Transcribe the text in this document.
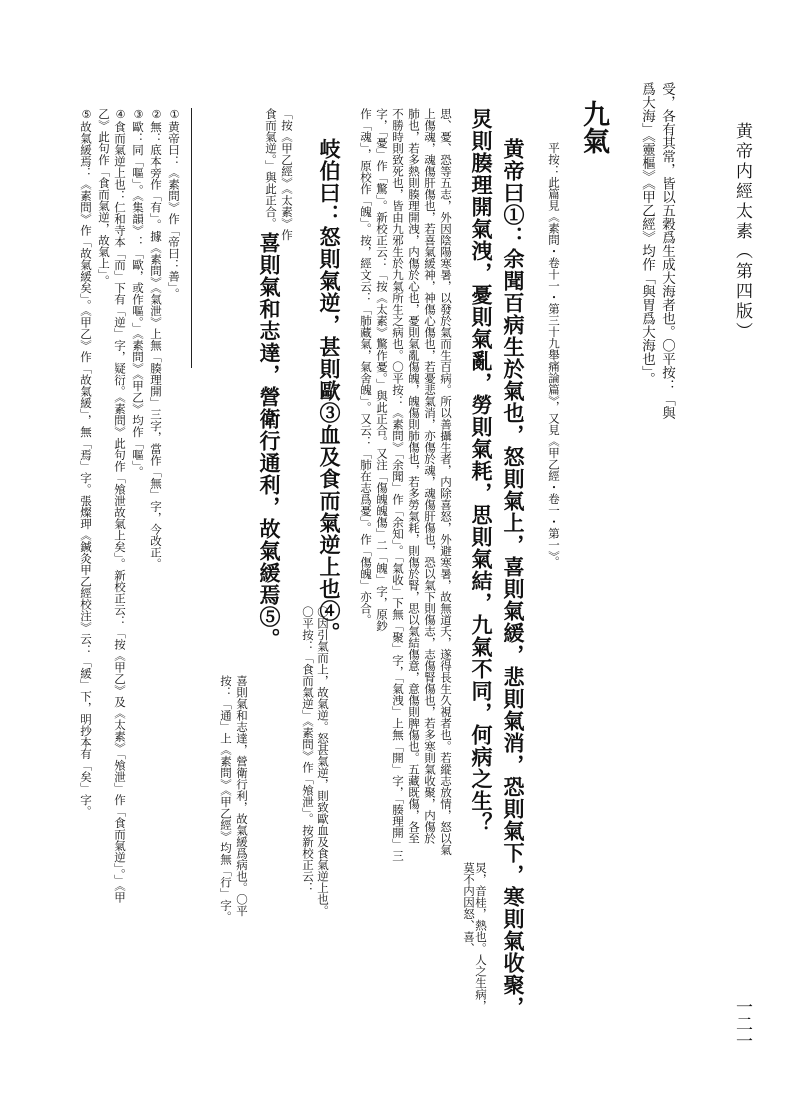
黄帝内經太素（第四版）
一二一
受，各有其常，皆以五穀爲生成大海者也。〇平按：「與
爲大海」《靈樞》《甲乙經》均作「與胃爲大海也」。
九氣
平按：此篇見《素問・卷十一・第三十九舉痛論篇》，又見《甲乙經・卷一・第一》。
黄帝曰①：余聞百病生於氣也，怒則氣上，喜則氣緩，悲則氣消，恐則氣下，寒則氣收聚，
炅則腠理開氣洩，憂則氣亂，勞則氣耗，思則氣結，九氣不同，何病之生？
炅，音桂，熱也。人之生病，莫不内因怒、喜、
思、憂、恐等五志，外因陰陽寒暑，以發於氣而生百病。所以善攝生者，内除喜怒，外避寒暑，故無道夭，遂得長生久視者也。若縱志放情，怒以氣
上傷魂，魂傷肝傷也，若喜氣緩神，神傷心傷也，若憂悲氣消，亦傷於魂，魂傷肝傷也，恐以氣下則傷志，志傷腎傷也，若多寒則氣收聚，内傷於
肺也，若多熱則腠理開洩，内傷於心也，憂則氣亂傷魄，魄傷則肺傷也，若多勞氣耗，則傷於腎，思以氣結傷意，意傷則脾傷也。五藏既傷，各至
不勝時則致死也，皆由九邪生於九氣所生之病也。〇平按：《素問》「余聞」作「余知」。「氣收」下無「聚」字，「氣洩」上無「開」字，「腠理開」三
字，「憂」作「驚」。新校正云：「按《太素》驚作憂。」與此正合。又注「傷魄魄傷」二「魄」字，原鈔
作「魂」，原校作「魄」。按，經文云：「肺藏氣，氣舍魄」。又云：「肺在志爲憂」。作「傷魄」亦合。
岐伯曰：怒則氣逆，甚則歐③血及食而氣逆上也④。
〇因引氣而上，故氣逆。怒甚氣逆，則致歐血及食氣逆上也。
〇平按：「食而氣逆」《素問》作「飧泄」。按新校正云：
「按《甲乙經》《太素》作
食而氣逆。」與此正合。
喜則氣和志達，營衛行通利，故氣緩焉⑤。
喜則氣和志達，營衛行利，故氣緩爲病也。〇平
按：「通」上《素問》《甲乙經》均無「行」字。
①黄帝曰：《素問》作「帝曰：善」。
②無：底本旁作「有」。據《素問》《氣泄》上無「腠理開」三字，當作「無」字，今改正。
③歐：同「嘔」。《集韻》：「歐，或作嘔。」《素問》《甲乙》均作「嘔」。
④食而氣逆上也：仁和寺本「而」下有「逆」字，疑衍。《素問》此句作「飧泄故氣上矣」。新校正云：「按《甲乙》及《太素》「飧泄」作「食而氣逆」。」《甲
乙》此句作「食而氣逆，故氣上」。
⑤故氣緩焉：《素問》作「故氣緩矣」。《甲乙》作「故氣緩」，無「焉」字。張燦玾《鍼灸甲乙經校注》云：「緩」下，明抄本有「矣」字。
